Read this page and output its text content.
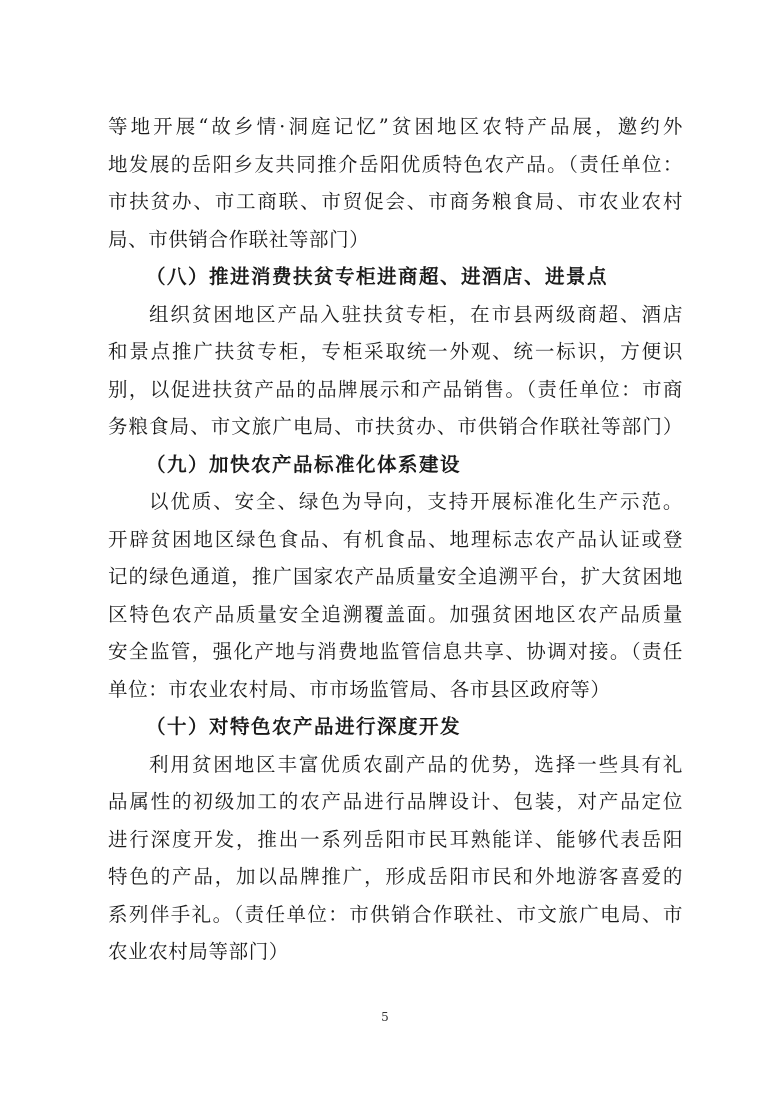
等地开展“故乡情·洞庭记忆”贫困地区农特产品展，邀约外
地发展的岳阳乡友共同推介岳阳优质特色农产品。（责任单位：
市扶贫办、市工商联、市贸促会、市商务粮食局、市农业农村
局、市供销合作联社等部门）
（八）推进消费扶贫专柜进商超、进酒店、进景点
组织贫困地区产品入驻扶贫专柜，在市县两级商超、酒店
和景点推广扶贫专柜，专柜采取统一外观、统一标识，方便识
别，以促进扶贫产品的品牌展示和产品销售。（责任单位：市商
务粮食局、市文旅广电局、市扶贫办、市供销合作联社等部门）
（九）加快农产品标准化体系建设
以优质、安全、绿色为导向，支持开展标准化生产示范。
开辟贫困地区绿色食品、有机食品、地理标志农产品认证或登
记的绿色通道，推广国家农产品质量安全追溯平台，扩大贫困地
区特色农产品质量安全追溯覆盖面。加强贫困地区农产品质量
安全监管，强化产地与消费地监管信息共享、协调对接。（责任
单位：市农业农村局、市市场监管局、各市县区政府等）
（十）对特色农产品进行深度开发
利用贫困地区丰富优质农副产品的优势，选择一些具有礼
品属性的初级加工的农产品进行品牌设计、包装，对产品定位
进行深度开发，推出一系列岳阳市民耳熟能详、能够代表岳阳
特色的产品，加以品牌推广，形成岳阳市民和外地游客喜爱的
系列伴手礼。（责任单位：市供销合作联社、市文旅广电局、市
农业农村局等部门）
5
